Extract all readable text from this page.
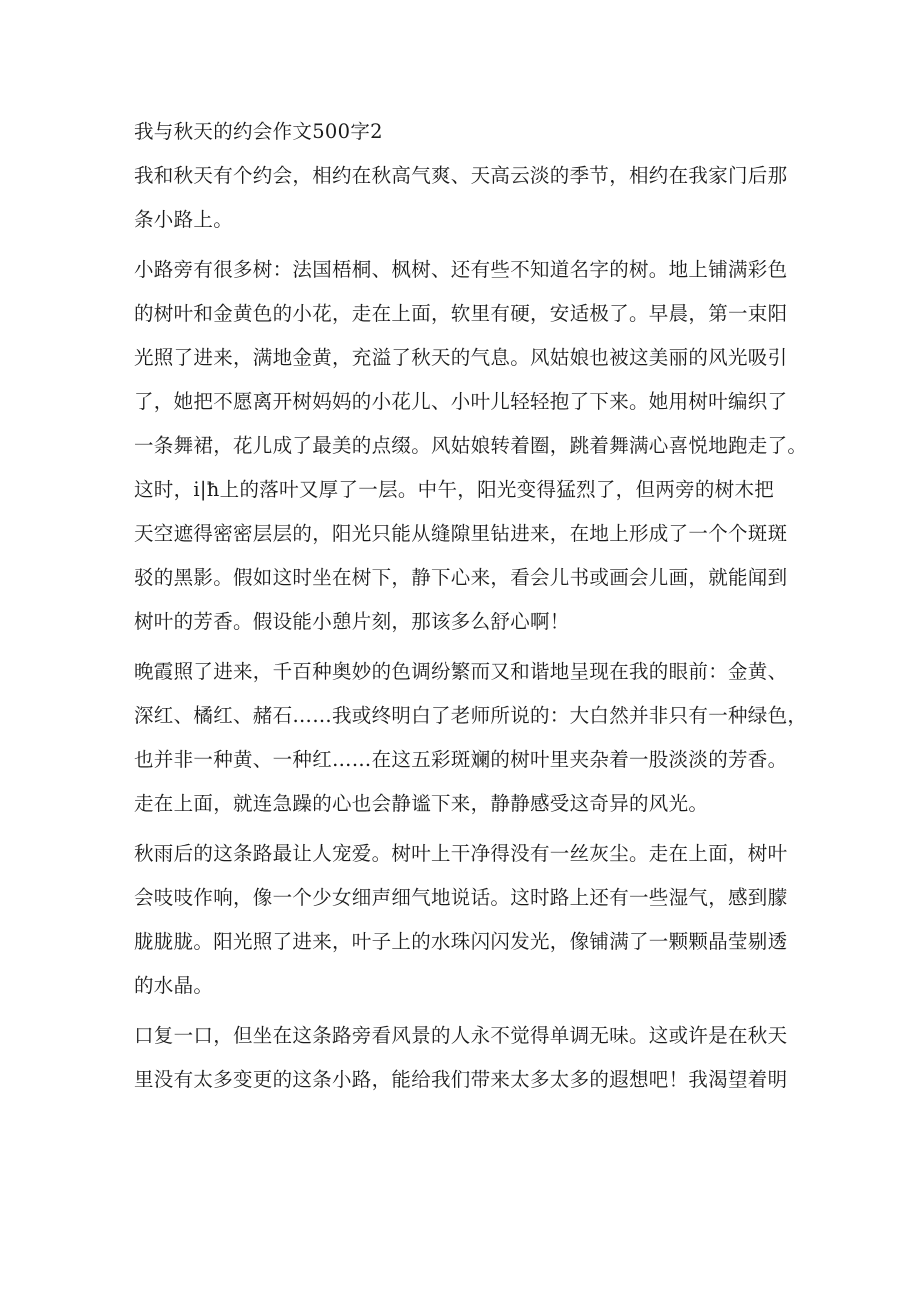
我与秋天的约会作文500字2
我和秋天有个约会，相约在秋高气爽、天高云淡的季节，相约在我家门后那
条小路上。
小路旁有很多树：法国梧桐、枫树、还有些不知道名字的树。地上铺满彩色
的树叶和金黄色的小花，走在上面，软里有硬，安适极了。早晨，第一束阳
光照了进来，满地金黄，充溢了秋天的气息。风姑娘也被这美丽的风光吸引
了，她把不愿离开树妈妈的小花儿、小叶儿轻轻抱了下来。她用树叶编织了
一条舞裙，花儿成了最美的点缀。风姑娘转着圈，跳着舞满心喜悦地跑走了。
这时，i|ħ上的落叶又厚了一层。中午，阳光变得猛烈了，但两旁的树木把
天空遮得密密层层的，阳光只能从缝隙里钻进来，在地上形成了一个个斑斑
驳的黑影。假如这时坐在树下，静下心来，看会儿书或画会儿画，就能闻到
树叶的芳香。假设能小憩片刻，那该多么舒心啊！
晚霞照了进来，千百种奥妙的色调纷繁而又和谐地呈现在我的眼前：金黄、
深红、橘红、赭石……我或终明白了老师所说的：大白然并非只有一种绿色，
也并非一种黄、一种红……在这五彩斑斓的树叶里夹杂着一股淡淡的芳香。
走在上面，就连急躁的心也会静谧下来，静静感受这奇异的风光。
秋雨后的这条路最让人宠爱。树叶上干净得没有一丝灰尘。走在上面，树叶
会吱吱作响，像一个少女细声细气地说话。这时路上还有一些湿气，感到朦
胧胧胧。阳光照了进来，叶子上的水珠闪闪发光，像铺满了一颗颗晶莹剔透
的水晶。
口复一口，但坐在这条路旁看风景的人永不觉得单调无味。这或许是在秋天
里没有太多变更的这条小路，能给我们带来太多太多的遐想吧！我渴望着明
